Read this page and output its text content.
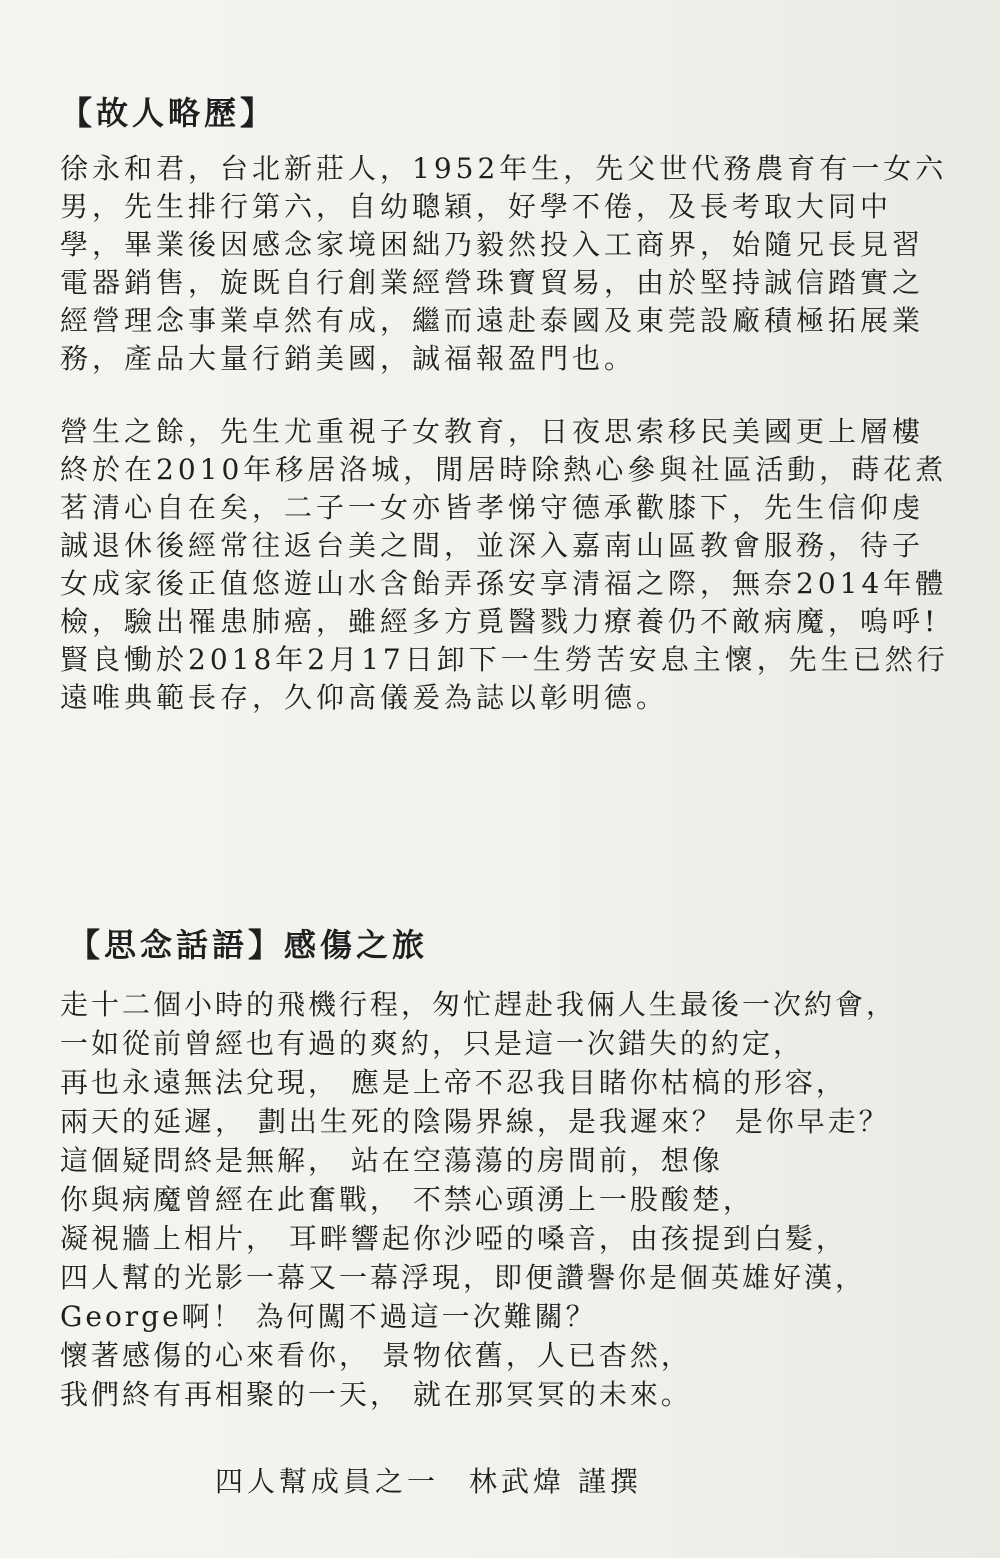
【故人略歷】
徐永和君，台北新莊人，1952年生，先父世代務農育有一女六
男，先生排行第六，自幼聰穎，好學不倦，及長考取大同中
學，畢業後因感念家境困絀乃毅然投入工商界，始隨兄長見習
電器銷售，旋既自行創業經營珠寶貿易，由於堅持誠信踏實之
經營理念事業卓然有成，繼而遠赴泰國及東莞設廠積極拓展業
務，產品大量行銷美國，誠福報盈門也。
營生之餘，先生尤重視子女教育，日夜思索移民美國更上層樓
終於在2010年移居洛城，閒居時除熱心參與社區活動，蒔花煮
茗清心自在矣，二子一女亦皆孝悌守德承歡膝下，先生信仰虔
誠退休後經常往返台美之間，並深入嘉南山區教會服務，待子
女成家後正值悠遊山水含飴弄孫安享清福之際，無奈2014年體
檢，驗出罹患肺癌，雖經多方覓醫戮力療養仍不敵病魔，嗚呼!
賢良慟於2018年2月17日卸下一生勞苦安息主懷，先生已然行
遠唯典範長存，久仰高儀爰為誌以彰明德。
【思念話語】感傷之旅
走十二個小時的飛機行程，匆忙趕赴我倆人生最後一次約會，
一如從前曾經也有過的爽約，只是這一次錯失的約定，
再也永遠無法兌現， 應是上帝不忍我目睹你枯槁的形容，
兩天的延遲， 劃出生死的陰陽界線，是我遲來？ 是你早走？
這個疑問終是無解， 站在空蕩蕩的房間前，想像
你與病魔曾經在此奮戰， 不禁心頭湧上一股酸楚，
凝視牆上相片， 耳畔響起你沙啞的嗓音，由孩提到白髮，
四人幫的光影一幕又一幕浮現，即便讚譽你是個英雄好漢，
George啊！ 為何闖不過這一次難關？
懷著感傷的心來看你， 景物依舊，人已杳然，
我們終有再相聚的一天， 就在那冥冥的未來。
四人幫成員之一 林武煒 謹撰
